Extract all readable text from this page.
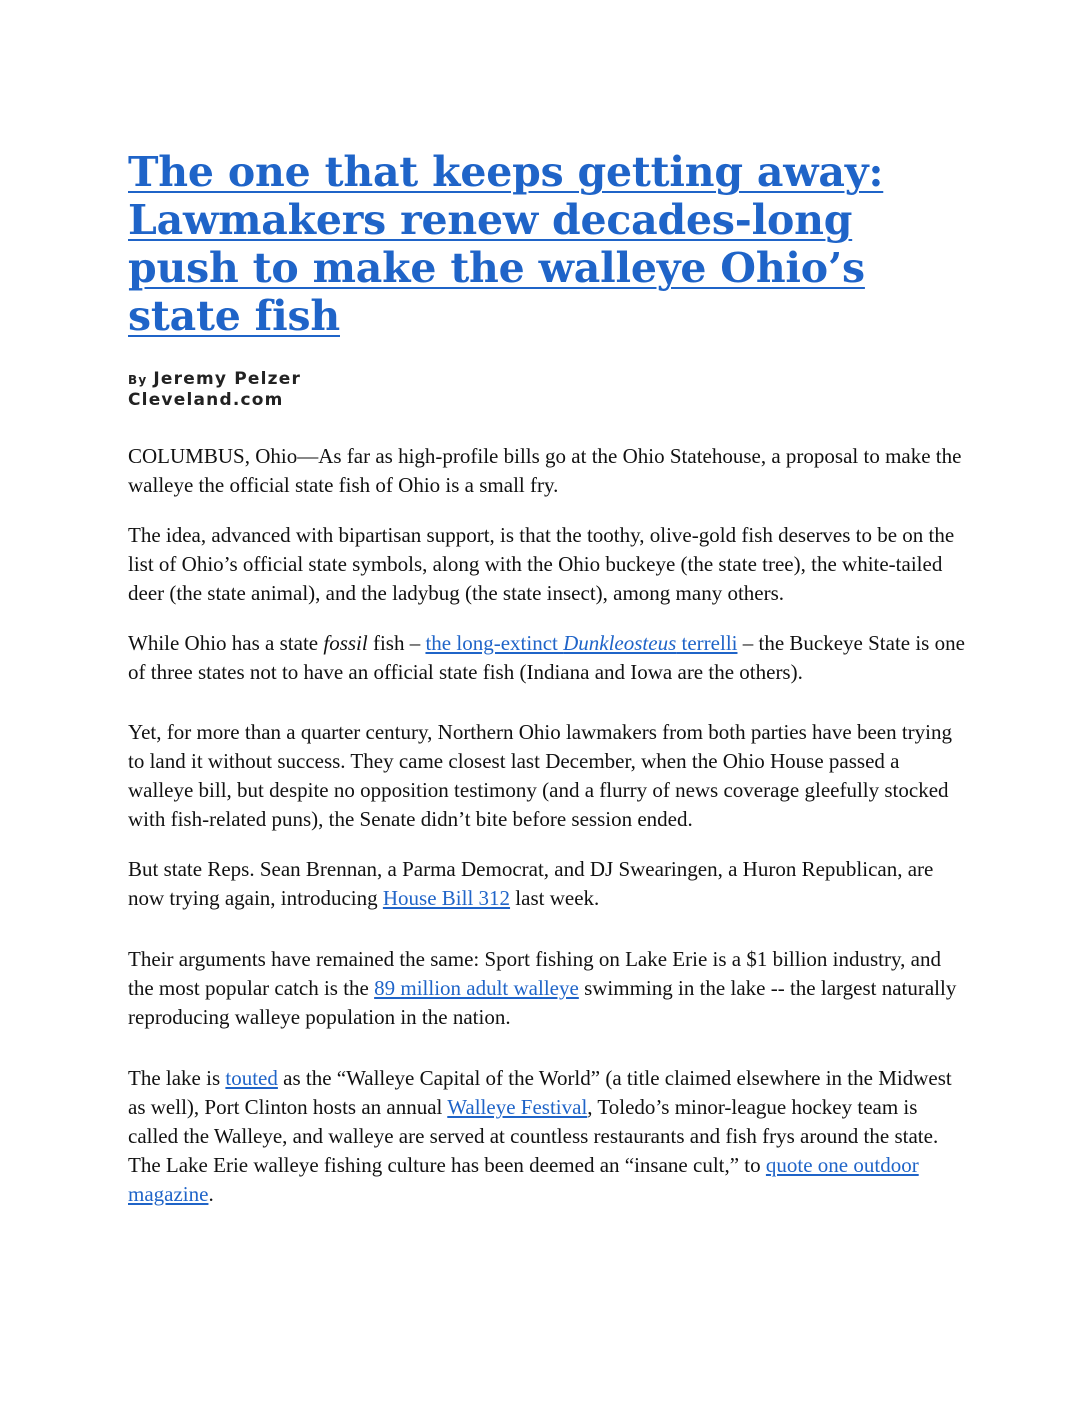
The one that keeps getting away: Lawmakers renew decades-long push to make the walleye Ohio’s state fish
By Jeremy Pelzer
Cleveland.com

COLUMBUS, Ohio—As far as high-profile bills go at the Ohio Statehouse, a proposal to make the walleye the official state fish of Ohio is a small fry.

The idea, advanced with bipartisan support, is that the toothy, olive-gold fish deserves to be on the list of Ohio’s official state symbols, along with the Ohio buckeye (the state tree), the white-tailed deer (the state animal), and the ladybug (the state insect), among many others.

While Ohio has a state fossil fish – the long-extinct Dunkleosteus terrelli – the Buckeye State is one of three states not to have an official state fish (Indiana and Iowa are the others).

Yet, for more than a quarter century, Northern Ohio lawmakers from both parties have been trying to land it without success. They came closest last December, when the Ohio House passed a walleye bill, but despite no opposition testimony (and a flurry of news coverage gleefully stocked with fish-related puns), the Senate didn’t bite before session ended.

But state Reps. Sean Brennan, a Parma Democrat, and DJ Swearingen, a Huron Republican, are now trying again, introducing House Bill 312 last week.

Their arguments have remained the same: Sport fishing on Lake Erie is a $1 billion industry, and the most popular catch is the 89 million adult walleye swimming in the lake -- the largest naturally reproducing walleye population in the nation.

The lake is touted as the “Walleye Capital of the World” (a title claimed elsewhere in the Midwest as well), Port Clinton hosts an annual Walleye Festival, Toledo’s minor-league hockey team is called the Walleye, and walleye are served at countless restaurants and fish frys around the state. The Lake Erie walleye fishing culture has been deemed an “insane cult,” to quote one outdoor magazine.
